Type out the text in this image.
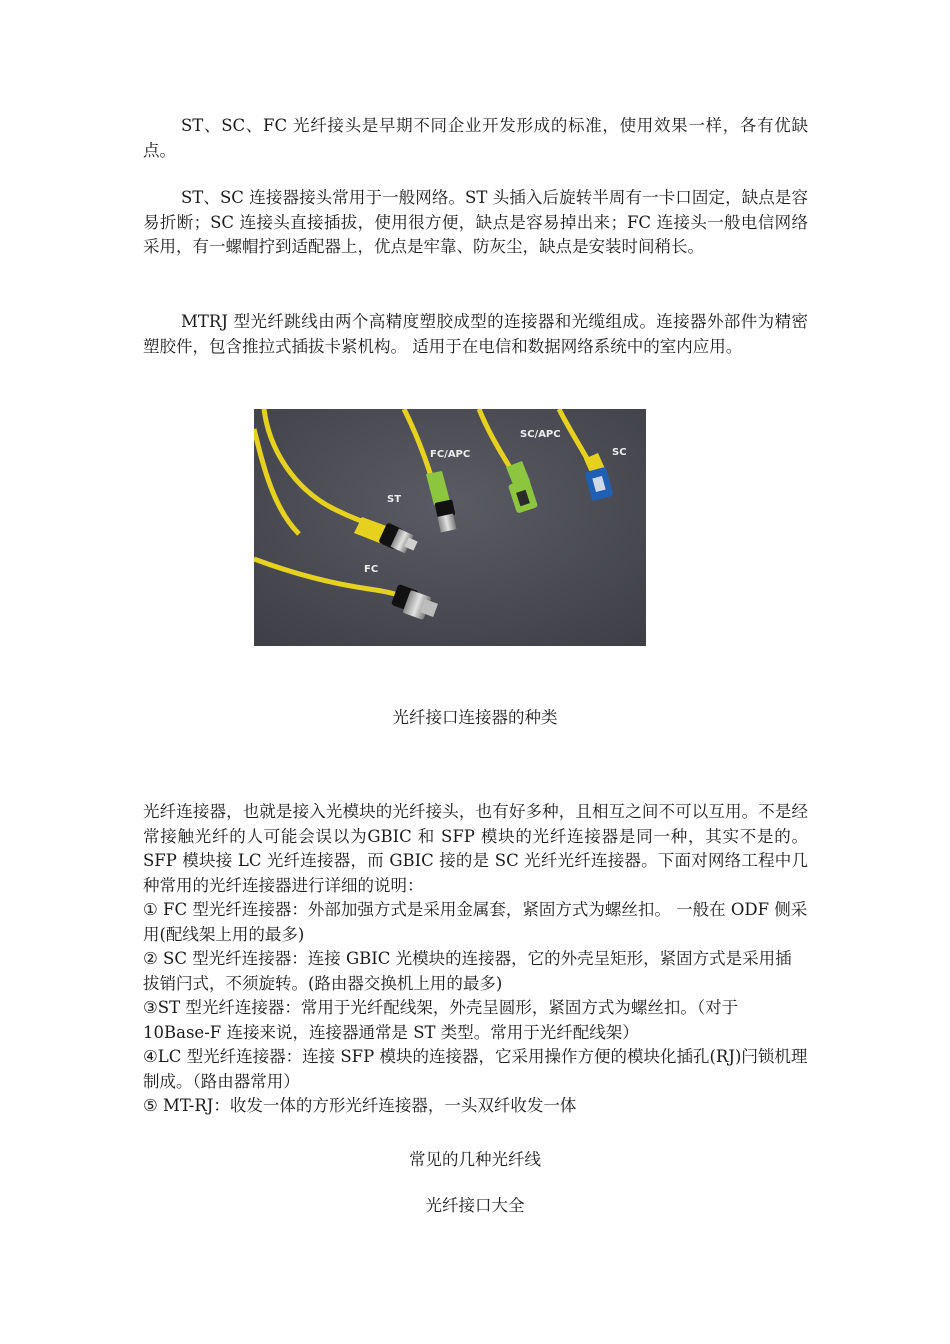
ST、SC、FC 光纤接头是早期不同企业开发形成的标准，使用效果一样，各有优缺点。

ST、SC 连接器接头常用于一般网络。ST 头插入后旋转半周有一卡口固定，缺点是容易折断；SC 连接头直接插拔，使用很方便，缺点是容易掉出来；FC 连接头一般电信网络采用，有一螺帽拧到适配器上，优点是牢靠、防灰尘，缺点是安装时间稍长。

MTRJ 型光纤跳线由两个高精度塑胶成型的连接器和光缆组成。连接器外部件为精密塑胶件，包含推拉式插拔卡紧机构。 适用于在电信和数据网络系统中的室内应用。

FC
ST
FC/APC
SC/APC
SC

光纤接口连接器的种类

光纤连接器，也就是接入光模块的光纤接头，也有好多种，且相互之间不可以互用。不是经常接触光纤的人可能会误以为GBIC 和 SFP 模块的光纤连接器是同一种，其实不是的。SFP 模块接 LC 光纤连接器，而 GBIC 接的是 SC 光纤光纤连接器。下面对网络工程中几种常用的光纤连接器进行详细的说明：

① FC 型光纤连接器：外部加强方式是采用金属套，紧固方式为螺丝扣。 一般在 ODF 侧采用(配线架上用的最多)
② SC 型光纤连接器：连接 GBIC 光模块的连接器，它的外壳呈矩形，紧固方式是采用插拔销闩式，不须旋转。(路由器交换机上用的最多)
③ST 型光纤连接器：常用于光纤配线架，外壳呈圆形，紧固方式为螺丝扣。（对于 10Base-F 连接来说，连接器通常是 ST 类型。常用于光纤配线架）
④LC 型光纤连接器：连接 SFP 模块的连接器，它采用操作方便的模块化插孔(RJ)闩锁机理制成。（路由器常用）
⑤ MT-RJ：收发一体的方形光纤连接器，一头双纤收发一体

常见的几种光纤线

光纤接口大全
